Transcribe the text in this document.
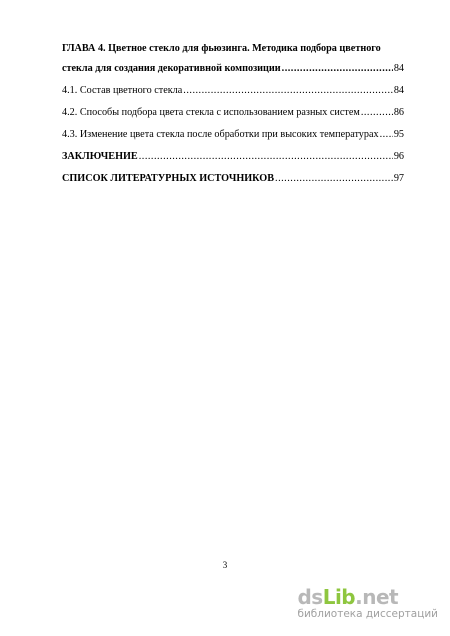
ГЛАВА 4. Цветное стекло для фьюзинга. Методика подбора цветного
стекла для создания декоративной композиции .....	84
4.1. Состав цветного стекла .....	84
4.2. Способы подбора цвета стекла с использованием разных систем .....	86
4.3. Изменение цвета стекла после обработки при высоких температурах ..... 95
ЗАКЛЮЧЕНИЕ .....	96
СПИСОК ЛИТЕРАТУРНЫХ ИСТОЧНИКОВ .....	97
3
dsLib.net
библиотека диссертаций
